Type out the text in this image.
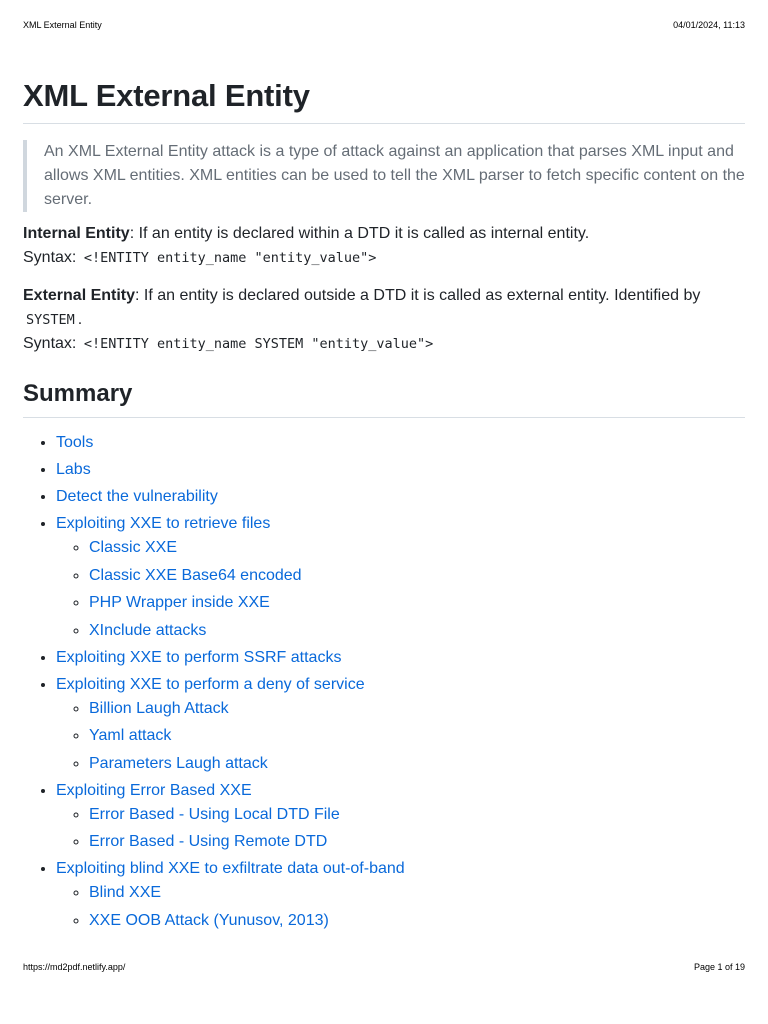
XML External Entity	04/01/2024, 11:13
XML External Entity
An XML External Entity attack is a type of attack against an application that parses XML input and allows XML entities. XML entities can be used to tell the XML parser to fetch specific content on the server.

Internal Entity: If an entity is declared within a DTD it is called as internal entity.
Syntax: <!ENTITY entity_name "entity_value">

External Entity: If an entity is declared outside a DTD it is called as external entity. Identified by
SYSTEM .
Syntax: <!ENTITY entity_name SYSTEM "entity_value">

Summary
• Tools
• Labs
• Detect the vulnerability
• Exploiting XXE to retrieve files
◦ Classic XXE
◦ Classic XXE Base64 encoded
◦ PHP Wrapper inside XXE
◦ XInclude attacks
• Exploiting XXE to perform SSRF attacks
• Exploiting XXE to perform a deny of service
◦ Billion Laugh Attack
◦ Yaml attack
◦ Parameters Laugh attack
• Exploiting Error Based XXE
◦ Error Based - Using Local DTD File
◦ Error Based - Using Remote DTD
• Exploiting blind XXE to exfiltrate data out-of-band
◦ Blind XXE
◦ XXE OOB Attack (Yunusov, 2013)
https://md2pdf.netlify.app/	Page 1 of 19
